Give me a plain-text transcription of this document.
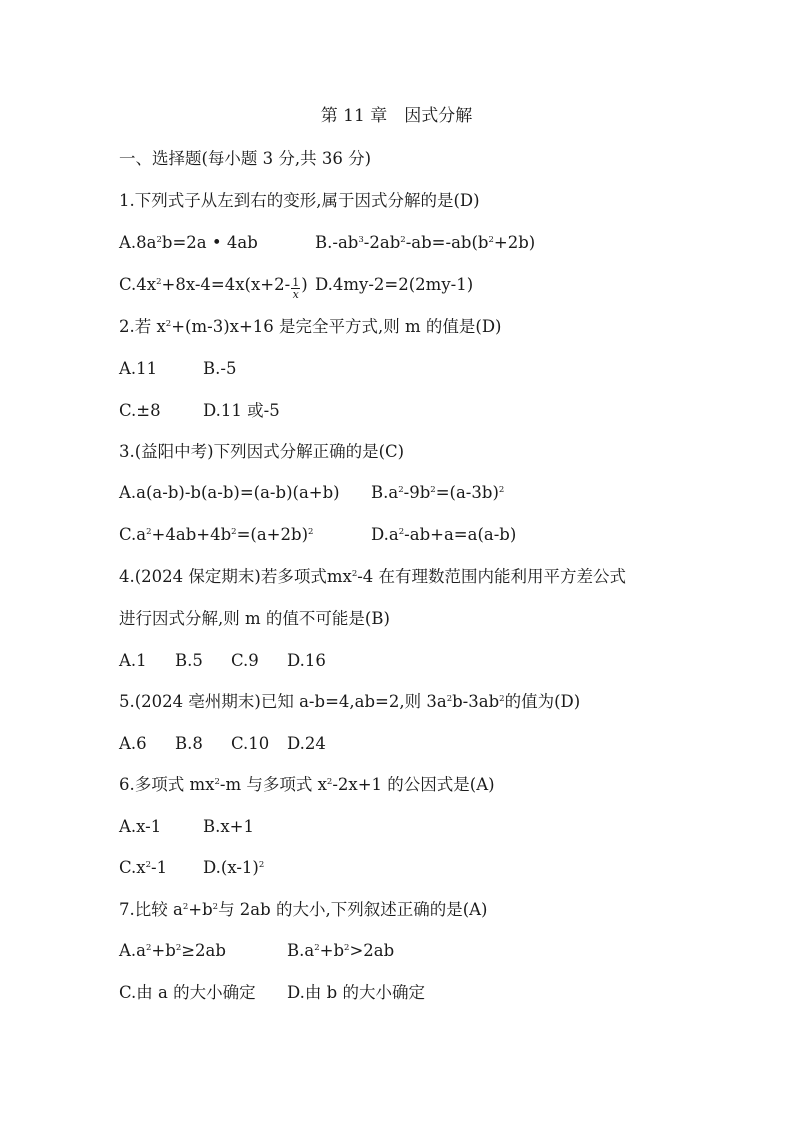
第 11 章　因式分解
一、选择题(每小题 3 分,共 36 分)
1.下列式子从左到右的变形,属于因式分解的是(D)
$A.8a^2b=2a$ • 4ab	$B.-ab^3-2ab^2-ab=-ab(b^2+2b)$
$C.4x^2+8x-4=4x(x+2- \frac{1}{x}$ ) D.4my-2=2(2my-1)
2.若 $x^2+(m-3)x+16$ 是完全平方式,则 m 的值是(D)
A.11	B.-5
C.±8	D.11 或-5
3.(益阳中考)下列因式分解正确的是(C)
A.a(a-b)-b(a-b)=(a-b)(a+b) $B.a^2-9b^2=(a-3b)^2$
$C.a^2+4ab+4b^2=(a+2b)^2$	$D.a^2-ab+a=a(a-b)$
4.(2024 保定期末)若多项式$mx^2-4$ 在有理数范围内能利用平方差公式
进行因式分解,则 m 的值不可能是(B)
A.1 B.5 C.9 D.16
5.(2024 亳州期末)已知 a-b=4,ab=2,则 $3a^2b-3ab^2$的值为(D)
A.6 B.8 C.10 D.24
6.多项式 $mx^2-m$ 与多项式 $x^2-2x+1$ 的公因式是(A)
A.x-1	B.x+1
$C.x^2-1$ $D.(x-1)^2$
7.比较 $a^2+b^2$与 2ab 的大小,下列叙述正确的是(A)
$A.a^2+b^2\ge 2ab$	$B.a^2+b^2>2ab$
C.由 a 的大小确定 D.由 b 的大小确定
